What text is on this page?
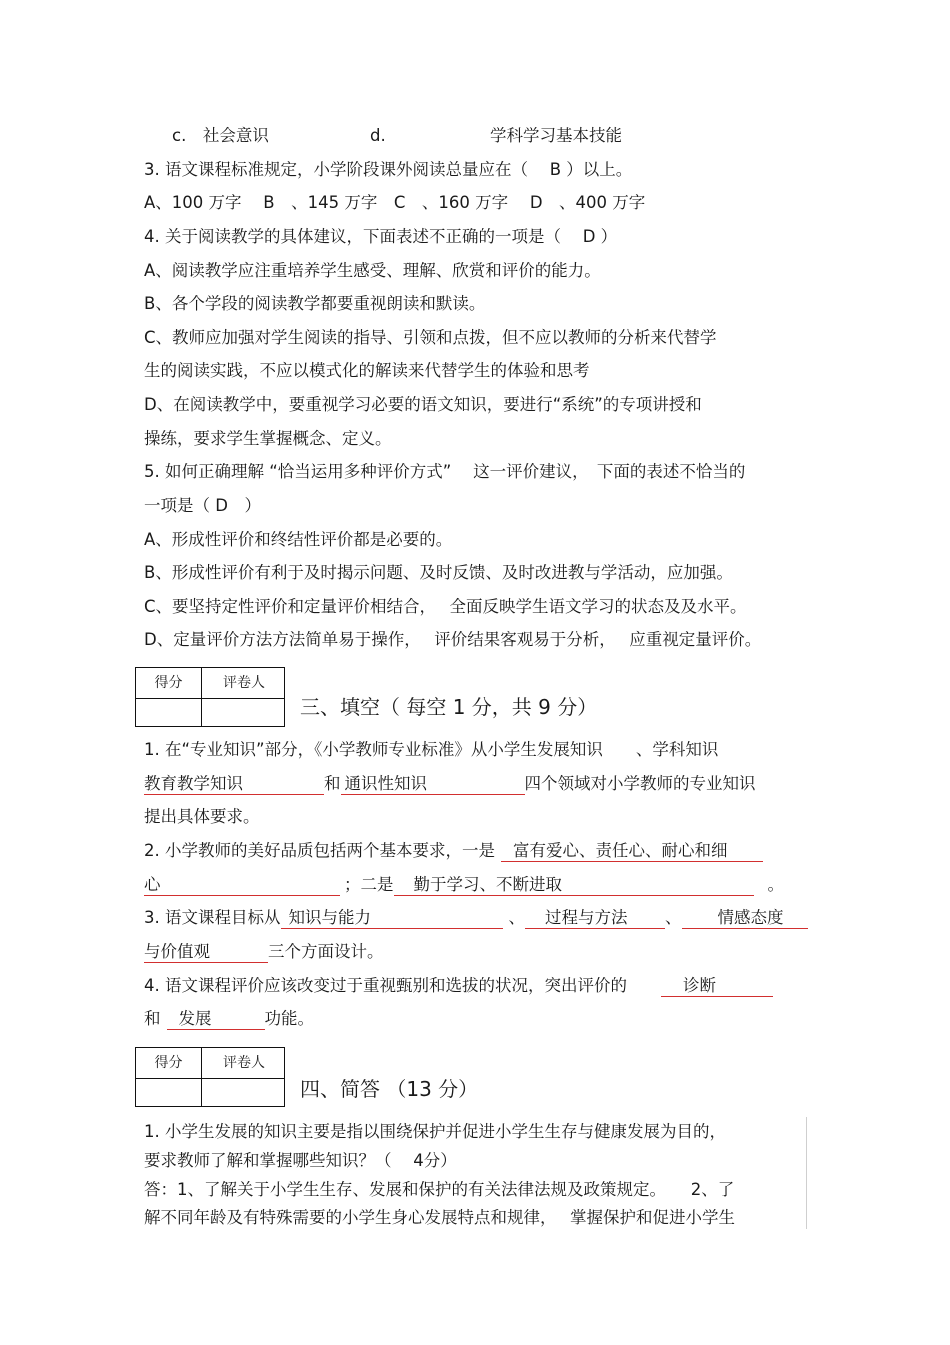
c.　社会意识	d.	学科学习基本技能
3. 语文课程标准规定，小学阶段课外阅读总量应在（　 B ）以上。
A、100 万字　 B　、145 万字　C　、160 万字　 D　、400 万字
4. 关于阅读教学的具体建议，下面表述不正确的一项是（　 D ）
A、阅读教学应注重培养学生感受、理解、欣赏和评价的能力。
B、各个学段的阅读教学都要重视朗读和默读。
C、教师应加强对学生阅读的指导、引领和点拨，但不应以教师的分析来代替学
生的阅读实践，不应以模式化的解读来代替学生的体验和思考
D、在阅读教学中，要重视学习必要的语文知识，要进行“系统”的专项讲授和
操练，要求学生掌握概念、定义。
5. 如何正确理解 “恰当运用多种评价方式”　 这一评价建议，　下面的表述不恰当的
一项是（ D　）
A、形成性评价和终结性评价都是必要的。
B、形成性评价有利于及时揭示问题、及时反馈、及时改进教与学活动，应加强。
C、要坚持定性评价和定量评价相结合，　 全面反映学生语文学习的状态及及水平。
D、定量评价方法方法简单易于操作，　 评价结果客观易于分析，　 应重视定量评价。
得分	评卷人
三、填空（ 每空 1 分，共 9 分）
1. 在“专业知识”部分，《小学教师专业标准》从小学生发展知识　　、学科知识
教育教学知识	和 通识性知识	四个领域对小学教师的专业知识
提出具体要求。
2. 小学教师的美好品质包括两个基本要求，一是 富有爱心、责任心、耐心和细
心	；二是 勤于学习、不断进取	。
3. 语文课程目标从 知识与能力	、 过程与方法 、 情感态度
与价值观	三个方面设计。
4. 语文课程评价应该改变过于重视甄别和选拔的状况，突出评价的	诊断
和 发展	功能。
得分	评卷人
四、简答 （13 分）
1. 小学生发展的知识主要是指以围绕保护并促进小学生生存与健康发展为目的，
要求教师了解和掌握哪些知识？（　 4分）
答：1、了解关于小学生生存、发展和保护的有关法律法规及政策规定。　　2、了
解不同年龄及有特殊需要的小学生身心发展特点和规律，　 掌握保护和促进小学生
